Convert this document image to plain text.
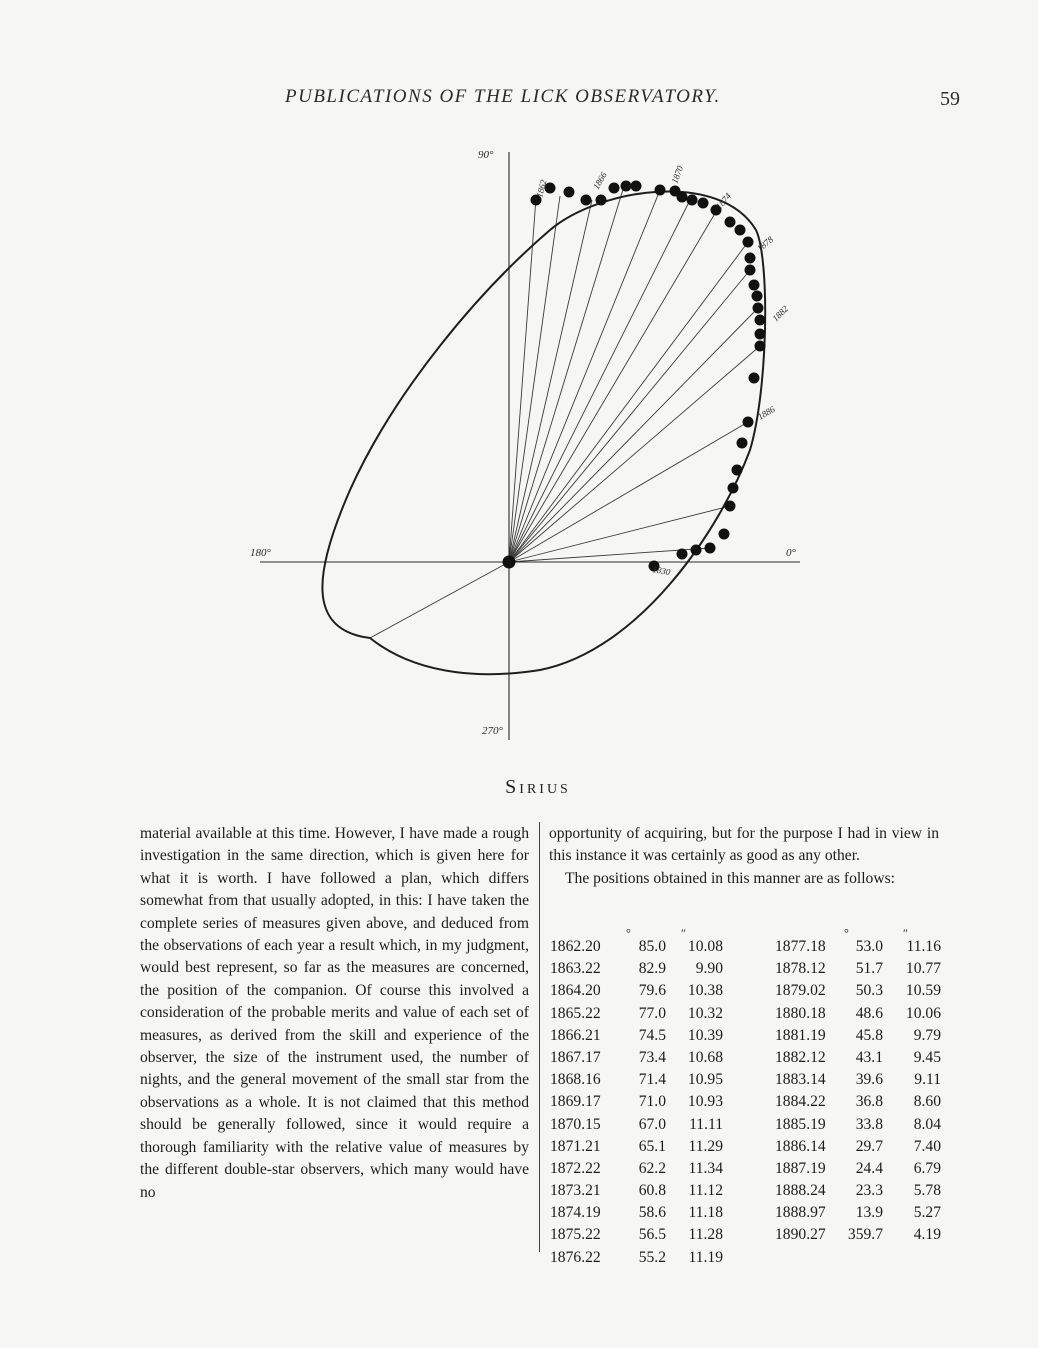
PUBLICATIONS OF THE LICK OBSERVATORY.	59
90°
180°	0°
270°
1862	1866	1870
1874
1878
1882
1886
1830
Sirius
material available at this time. However, I have made a rough investigation in the same direction, which is given here for what it is worth. I have followed a plan, which differs somewhat from that usually adopted, in this: I have taken the complete series of measures given above, and deduced from the observations of each year a result which, in my judgment, would best represent, so far as the measures are concerned, the position of the companion. Of course this involved a consideration of the probable merits and value of each set of measures, as derived from the skill and experience of the observer, the size of the instrument used, the number of nights, and the general movement of the small star from the observations as a whole. It is not claimed that this method should be generally followed, since it would require a thorough familiarity with the relative value of measures by the different double-star observers, which many would have no

opportunity of acquiring, but for the purpose I had in view in this instance it was certainly as good as any other.

The positions obtained in this manner are as follows:

°	″	°	″
1862.20	85.0	10.08
1863.22	82.9	9.90
1864.20	79.6	10.38
1865.22	77.0	10.32
1866.21	74.5	10.39
1867.17	73.4	10.68
1868.16	71.4	10.95
1869.17	71.0	10.93
1870.15	67.0	11.11
1871.21	65.1	11.29
1872.22	62.2	11.34
1873.21	60.8	11.12
1874.19	58.6	11.18
1875.22	56.5	11.28
1876.22	55.2	11.19
1877.18	53.0	11.16
1878.12	51.7	10.77
1879.02	50.3	10.59
1880.18	48.6	10.06
1881.19	45.8	9.79
1882.12	43.1	9.45
1883.14	39.6	9.11
1884.22	36.8	8.60
1885.19	33.8	8.04
1886.14	29.7	7.40
1887.19	24.4	6.79
1888.24	23.3	5.78
1888.97	13.9	5.27
1890.27	359.7	4.19
